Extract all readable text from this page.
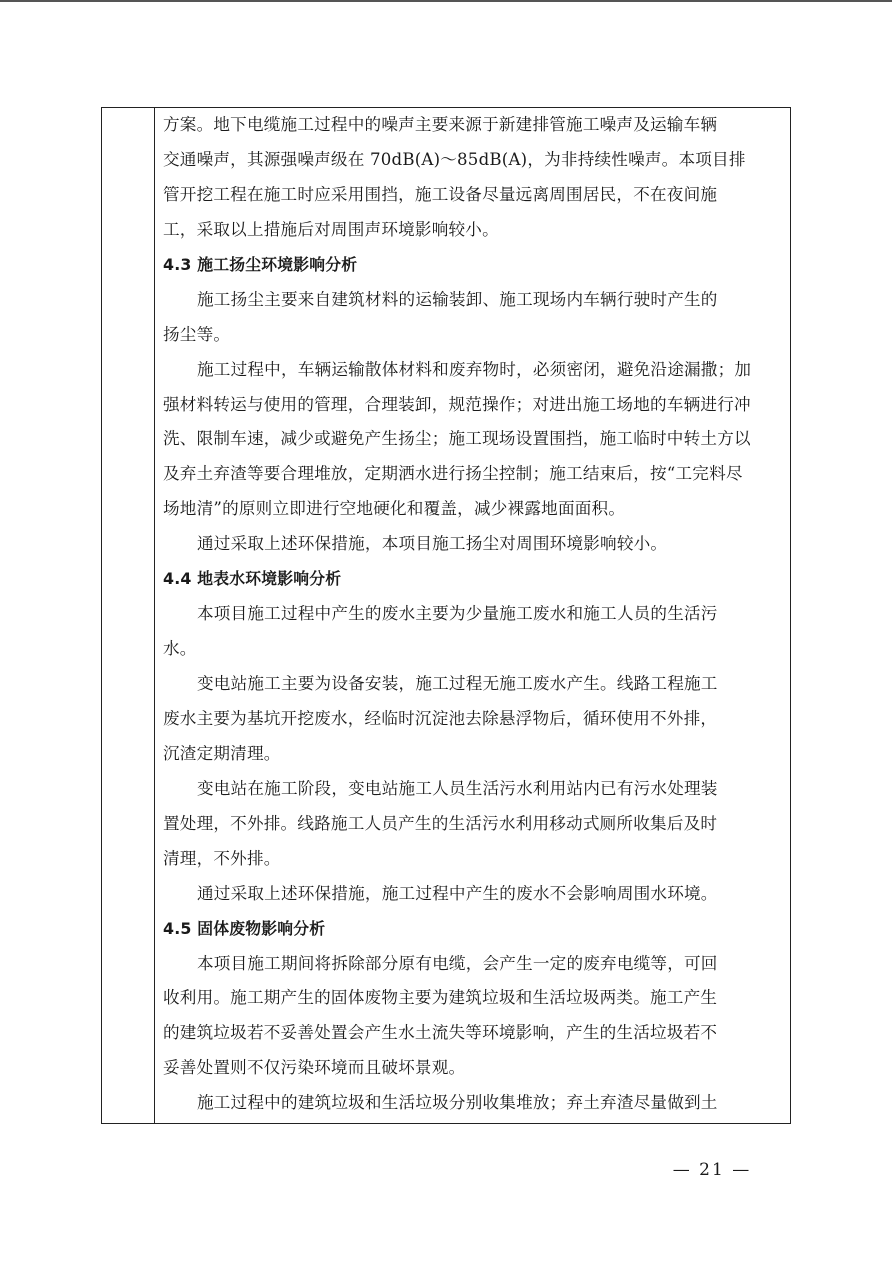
方案。地下电缆施工过程中的噪声主要来源于新建排管施工噪声及运输车辆
交通噪声，其源强噪声级在 70dB(A)～85dB(A)，为非持续性噪声。本项目排
管开挖工程在施工时应采用围挡，施工设备尽量远离周围居民，不在夜间施
工，采取以上措施后对周围声环境影响较小。
4.3 施工扬尘环境影响分析
施工扬尘主要来自建筑材料的运输装卸、施工现场内车辆行驶时产生的
扬尘等。
施工过程中，车辆运输散体材料和废弃物时，必须密闭，避免沿途漏撒；加
强材料转运与使用的管理，合理装卸，规范操作；对进出施工场地的车辆进行冲
洗、限制车速，减少或避免产生扬尘；施工现场设置围挡，施工临时中转土方以
及弃土弃渣等要合理堆放，定期洒水进行扬尘控制；施工结束后，按“工完料尽
场地清”的原则立即进行空地硬化和覆盖，减少裸露地面面积。
通过采取上述环保措施，本项目施工扬尘对周围环境影响较小。
4.4 地表水环境影响分析
本项目施工过程中产生的废水主要为少量施工废水和施工人员的生活污
水。
变电站施工主要为设备安装，施工过程无施工废水产生。线路工程施工
废水主要为基坑开挖废水，经临时沉淀池去除悬浮物后，循环使用不外排，
沉渣定期清理。
变电站在施工阶段，变电站施工人员生活污水利用站内已有污水处理装
置处理，不外排。线路施工人员产生的生活污水利用移动式厕所收集后及时
清理，不外排。
通过采取上述环保措施，施工过程中产生的废水不会影响周围水环境。
4.5 固体废物影响分析
本项目施工期间将拆除部分原有电缆，会产生一定的废弃电缆等，可回
收利用。施工期产生的固体废物主要为建筑垃圾和生活垃圾两类。施工产生
的建筑垃圾若不妥善处置会产生水土流失等环境影响，产生的生活垃圾若不
妥善处置则不仅污染环境而且破坏景观。
施工过程中的建筑垃圾和生活垃圾分别收集堆放；弃土弃渣尽量做到土
— 21 —
